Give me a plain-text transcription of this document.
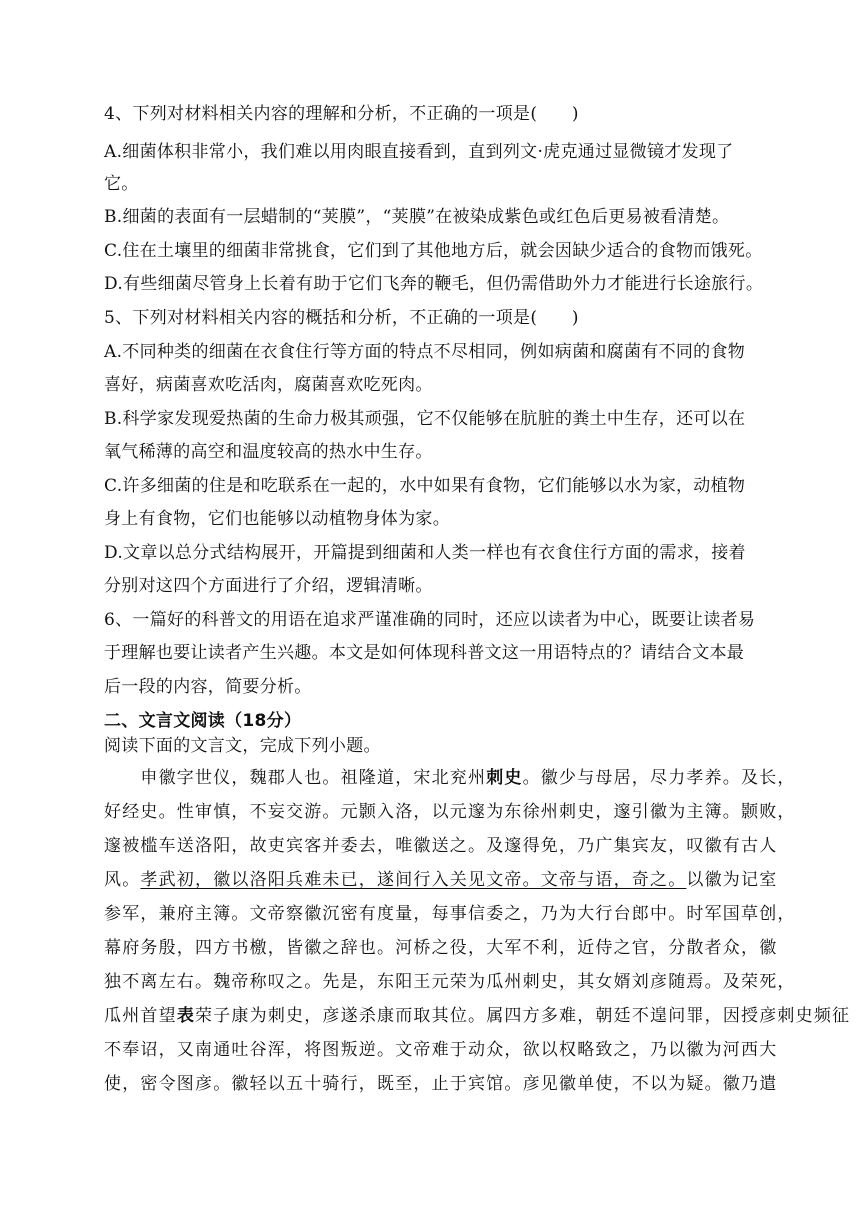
4、下列对材料相关内容的理解和分析，不正确的一项是(　　)
A.细菌体积非常小，我们难以用肉眼直接看到，直到列文·虎克通过显微镜才发现了
它。
B.细菌的表面有一层蜡制的“荚膜”，“荚膜”在被染成紫色或红色后更易被看清楚。
C.住在土壤里的细菌非常挑食，它们到了其他地方后，就会因缺少适合的食物而饿死。
D.有些细菌尽管身上长着有助于它们飞奔的鞭毛，但仍需借助外力才能进行长途旅行。
5、下列对材料相关内容的概括和分析，不正确的一项是(　　)
A.不同种类的细菌在衣食住行等方面的特点不尽相同，例如病菌和腐菌有不同的食物
喜好，病菌喜欢吃活肉，腐菌喜欢吃死肉。
B.科学家发现爱热菌的生命力极其顽强，它不仅能够在肮脏的粪土中生存，还可以在
氧气稀薄的高空和温度较高的热水中生存。
C.许多细菌的住是和吃联系在一起的，水中如果有食物，它们能够以水为家，动植物
身上有食物，它们也能够以动植物身体为家。
D.文章以总分式结构展开，开篇提到细菌和人类一样也有衣食住行方面的需求，接着
分别对这四个方面进行了介绍，逻辑清晰。
6、一篇好的科普文的用语在追求严谨准确的同时，还应以读者为中心，既要让读者易
于理解也要让读者产生兴趣。本文是如何体现科普文这一用语特点的？请结合文本最
后一段的内容，简要分析。
二、文言文阅读（18分）
阅读下面的文言文，完成下列小题。
　　申徽字世仪，魏郡人也。祖隆道，宋北兖州刺史。徽少与母居，尽力孝养。及长，
好经史。性审慎，不妄交游。元颢入洛，以元邃为东徐州刺史，邃引徽为主簿。颢败，
邃被槛车送洛阳，故吏宾客并委去，唯徽送之。及邃得免，乃广集宾友，叹徽有古人
风。孝武初，徽以洛阳兵难未已，遂间行入关见文帝。文帝与语，奇之。以徽为记室
参军，兼府主簿。文帝察徽沉密有度量，每事信委之，乃为大行台郎中。时军国草创，
幕府务殷，四方书檄，皆徽之辞也。河桥之役，大军不利，近侍之官，分散者众，徽
独不离左右。魏帝称叹之。先是，东阳王元荣为瓜州刺史，其女婿刘彦随焉。及荣死，
瓜州首望表荣子康为刺史，彦遂杀康而取其位。属四方多难，朝廷不遑问罪，因授彦刺史频征
不奉诏，又南通吐谷浑，将图叛逆。文帝难于动众，欲以权略致之，乃以徽为河西大
使，密令图彦。徽轻以五十骑行，既至，止于宾馆。彦见徽单使，不以为疑。徽乃遣
